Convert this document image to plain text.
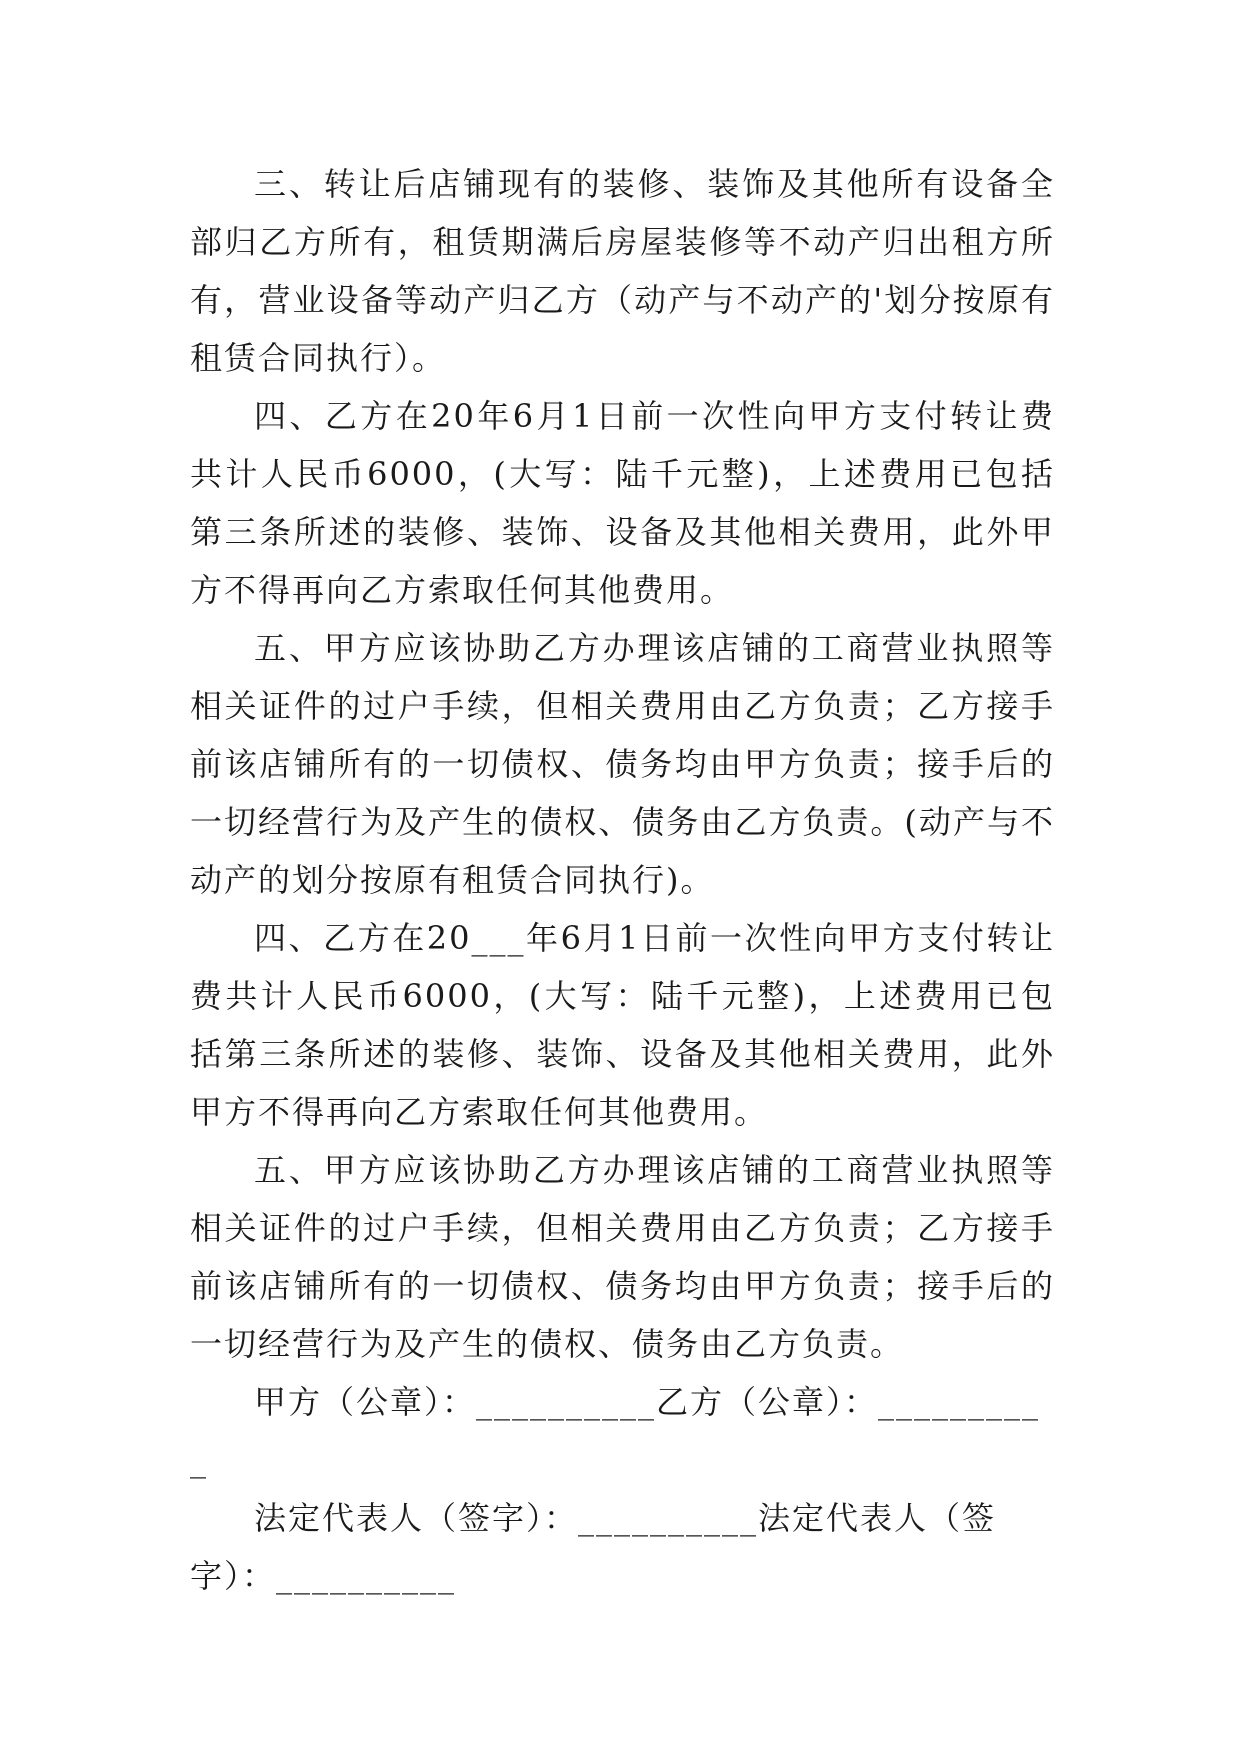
三、转让后店铺现有的装修、装饰及其他所有设备全部归乙方所有，租赁期满后房屋装修等不动产归出租方所有，营业设备等动产归乙方（动产与不动产的'划分按原有租赁合同执行）。

四、乙方在20年6月1日前一次性向甲方支付转让费共计人民币6000，(大写：陆千元整)，上述费用已包括第三条所述的装修、装饰、设备及其他相关费用，此外甲方不得再向乙方索取任何其他费用。

五、甲方应该协助乙方办理该店铺的工商营业执照等相关证件的过户手续，但相关费用由乙方负责；乙方接手前该店铺所有的一切债权、债务均由甲方负责；接手后的一切经营行为及产生的债权、债务由乙方负责。(动产与不动产的划分按原有租赁合同执行)。

四、乙方在20___年6月1日前一次性向甲方支付转让费共计人民币6000，(大写：陆千元整)，上述费用已包括第三条所述的装修、装饰、设备及其他相关费用，此外甲方不得再向乙方索取任何其他费用。

五、甲方应该协助乙方办理该店铺的工商营业执照等相关证件的过户手续，但相关费用由乙方负责；乙方接手前该店铺所有的一切债权、债务均由甲方负责；接手后的一切经营行为及产生的债权、债务由乙方负责。

甲方（公章）：__________乙方（公章）：__________

法定代表人（签字）：__________法定代表人（签字）：__________
